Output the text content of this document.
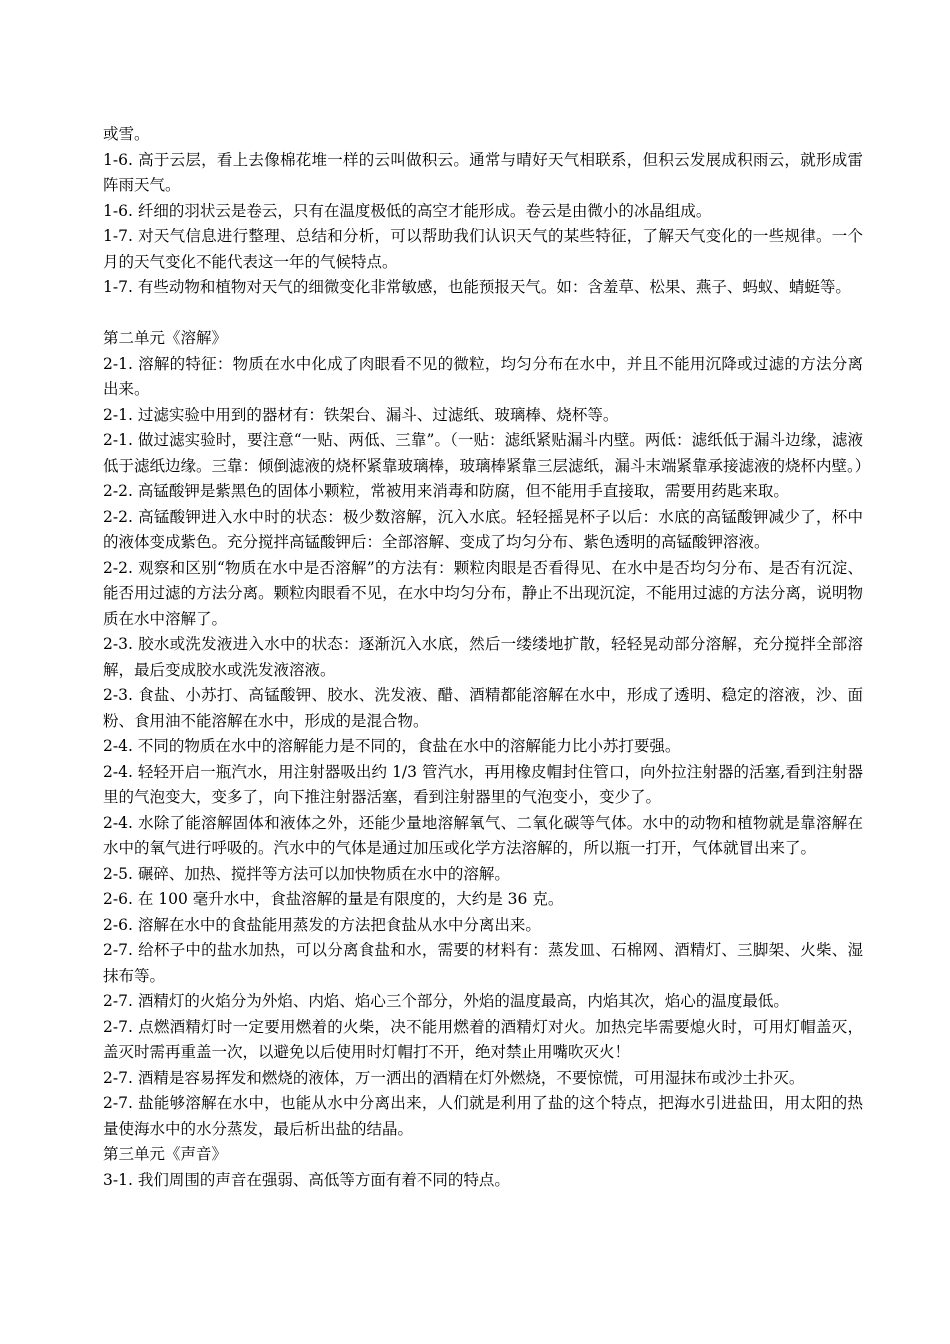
或雪。

1-6. 高于云层，看上去像棉花堆一样的云叫做积云。通常与晴好天气相联系，但积云发展成积雨云，就形成雷阵雨天气。

1-6. 纤细的羽状云是卷云，只有在温度极低的高空才能形成。卷云是由微小的冰晶组成。

1-7. 对天气信息进行整理、总结和分析，可以帮助我们认识天气的某些特征，了解天气变化的一些规律。一个月的天气变化不能代表这一年的气候特点。

1-7. 有些动物和植物对天气的细微变化非常敏感，也能预报天气。如：含羞草、松果、燕子、蚂蚁、蜻蜓等。

第二单元《溶解》

2-1. 溶解的特征：物质在水中化成了肉眼看不见的微粒，均匀分布在水中，并且不能用沉降或过滤的方法分离出来。

2-1. 过滤实验中用到的器材有：铁架台、漏斗、过滤纸、玻璃棒、烧杯等。

2-1. 做过滤实验时，要注意“一贴、两低、三靠”。（一贴：滤纸紧贴漏斗内壁。两低：滤纸低于漏斗边缘，滤液低于滤纸边缘。三靠：倾倒滤液的烧杯紧靠玻璃棒，玻璃棒紧靠三层滤纸，漏斗末端紧靠承接滤液的烧杯内壁。）

2-2. 高锰酸钾是紫黑色的固体小颗粒，常被用来消毒和防腐，但不能用手直接取，需要用药匙来取。

2-2. 高锰酸钾进入水中时的状态：极少数溶解，沉入水底。轻轻摇晃杯子以后：水底的高锰酸钾减少了，杯中的液体变成紫色。充分搅拌高锰酸钾后：全部溶解、变成了均匀分布、紫色透明的高锰酸钾溶液。

2-2. 观察和区别“物质在水中是否溶解”的方法有：颗粒肉眼是否看得见、在水中是否均匀分布、是否有沉淀、能否用过滤的方法分离。颗粒肉眼看不见，在水中均匀分布，静止不出现沉淀，不能用过滤的方法分离，说明物质在水中溶解了。

2-3. 胶水或洗发液进入水中的状态：逐渐沉入水底，然后一缕缕地扩散，轻轻晃动部分溶解，充分搅拌全部溶解，最后变成胶水或洗发液溶液。

2-3. 食盐、小苏打、高锰酸钾、胶水、洗发液、醋、酒精都能溶解在水中，形成了透明、稳定的溶液，沙、面粉、食用油不能溶解在水中，形成的是混合物。

2-4. 不同的物质在水中的溶解能力是不同的，食盐在水中的溶解能力比小苏打要强。

2-4. 轻轻开启一瓶汽水，用注射器吸出约 1/3 管汽水，再用橡皮帽封住管口，向外拉注射器的活塞,看到注射器里的气泡变大，变多了，向下推注射器活塞，看到注射器里的气泡变小，变少了。

2-4. 水除了能溶解固体和液体之外，还能少量地溶解氧气、二氧化碳等气体。水中的动物和植物就是靠溶解在水中的氧气进行呼吸的。汽水中的气体是通过加压或化学方法溶解的，所以瓶一打开，气体就冒出来了。

2-5. 碾碎、加热、搅拌等方法可以加快物质在水中的溶解。

2-6. 在 100 毫升水中，食盐溶解的量是有限度的，大约是 36 克。

2-6. 溶解在水中的食盐能用蒸发的方法把食盐从水中分离出来。

2-7. 给杯子中的盐水加热，可以分离食盐和水，需要的材料有：蒸发皿、石棉网、酒精灯、三脚架、火柴、湿抹布等。

2-7. 酒精灯的火焰分为外焰、内焰、焰心三个部分，外焰的温度最高，内焰其次，焰心的温度最低。

2-7. 点燃酒精灯时一定要用燃着的火柴，决不能用燃着的酒精灯对火。加热完毕需要熄火时，可用灯帽盖灭，盖灭时需再重盖一次，以避免以后使用时灯帽打不开，绝对禁止用嘴吹灭火！

2-7. 酒精是容易挥发和燃烧的液体，万一洒出的酒精在灯外燃烧，不要惊慌，可用湿抹布或沙土扑灭。

2-7. 盐能够溶解在水中，也能从水中分离出来，人们就是利用了盐的这个特点，把海水引进盐田，用太阳的热量使海水中的水分蒸发，最后析出盐的结晶。

第三单元《声音》

3-1. 我们周围的声音在强弱、高低等方面有着不同的特点。
